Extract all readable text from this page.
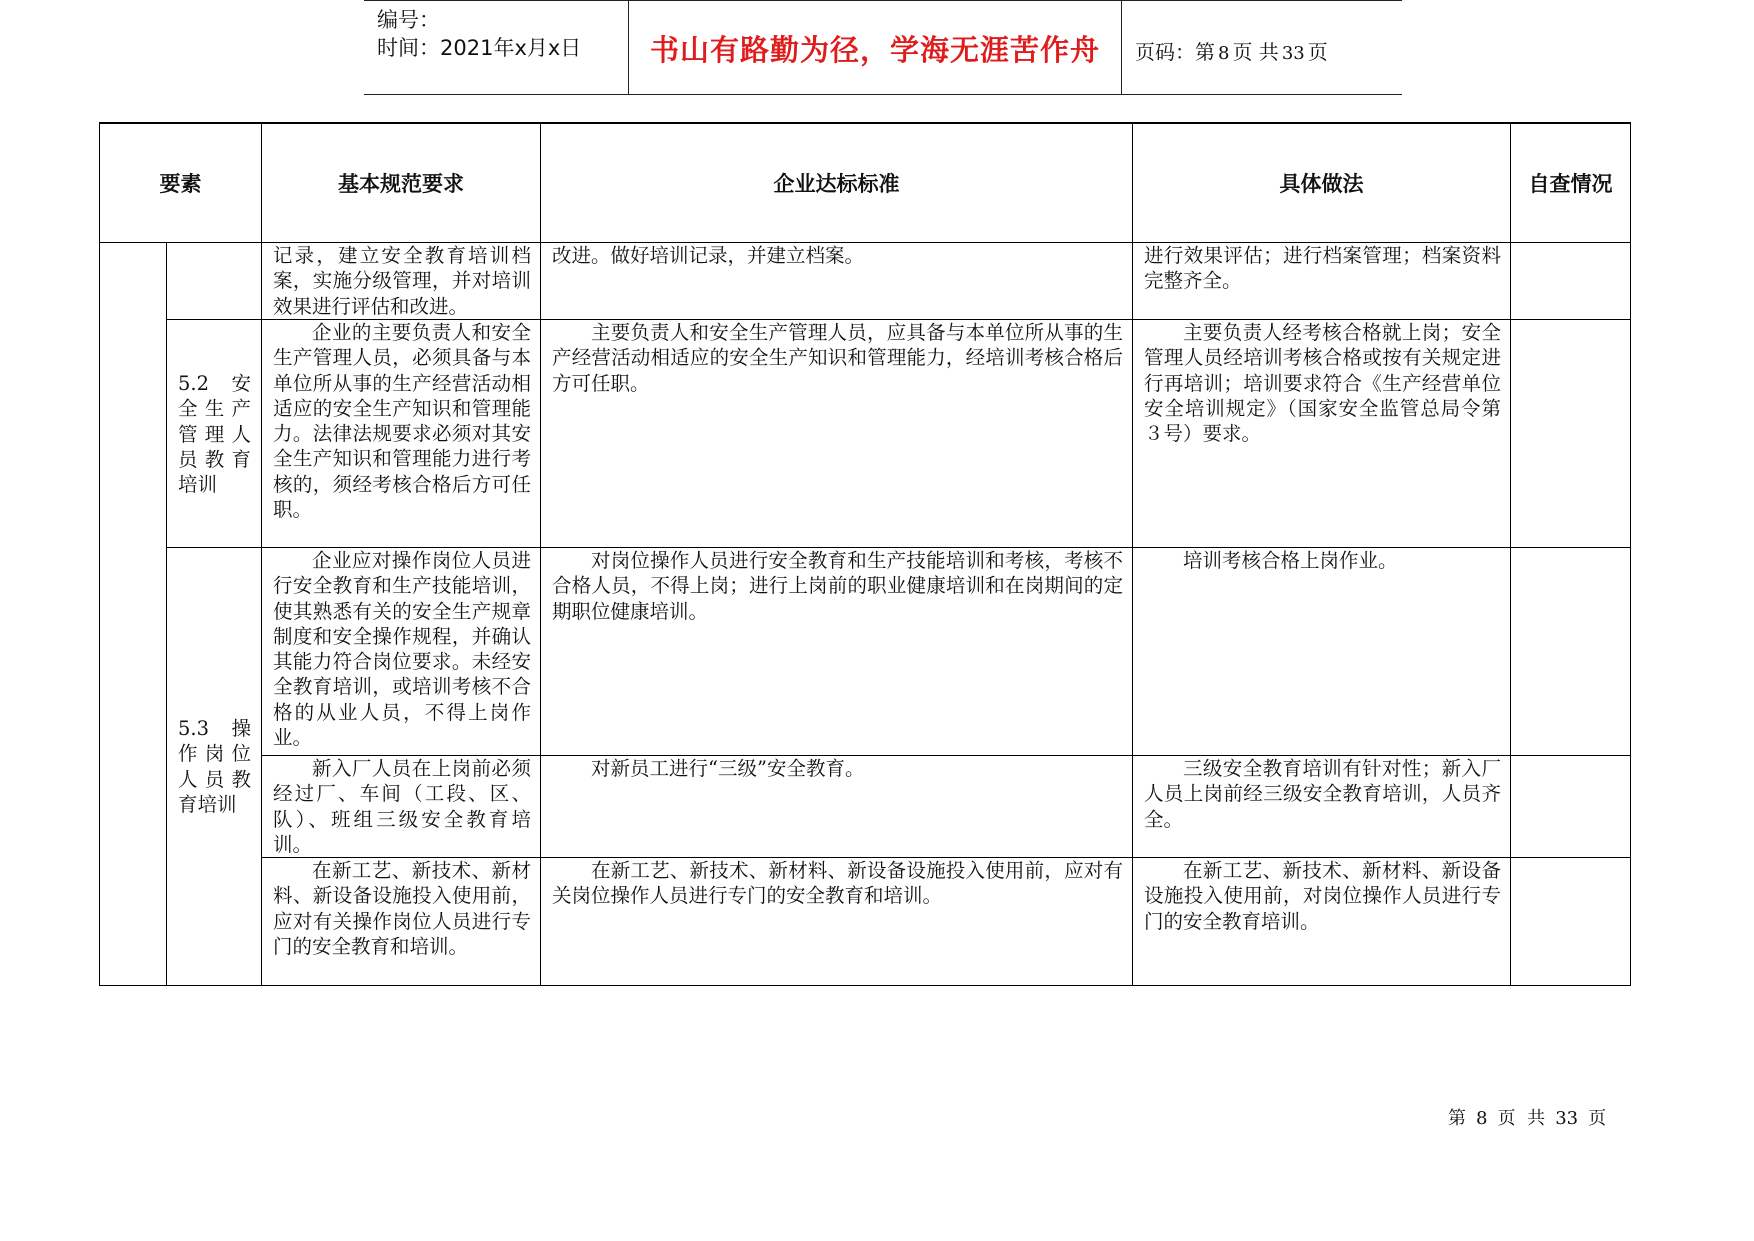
编号：
时间：2021年x月x日	书山有路勤为径，学海无涯苦作舟	页码：第 8 页 共 33 页
要素		基本规范要求	企业达标标准	具体做法	自查情况

		记录，建立安全教育培训档案，实施分级管理，并对培训效果进行评估和改进。	改进。做好培训记录，并建立档案。	进行效果评估；进行档案管理；档案资料完整齐全。	

	5.2 安全生产管理人员教育培训	企业的主要负责人和安全生产管理人员，必须具备与本单位所从事的生产经营活动相适应的安全生产知识和管理能力。法律法规要求必须对其安全生产知识和管理能力进行考核的，须经考核合格后方可任职。	主要负责人和安全生产管理人员，应具备与本单位所从事的生产经营活动相适应的安全生产知识和管理能力，经培训考核合格后方可任职。	主要负责人经考核合格就上岗；安全管理人员经培训考核合格或按有关规定进行再培训；培训要求符合《生产经营单位安全培训规定》（国家安全监管总局令第３号）要求。	

	5.3 操作岗位人员教育培训	企业应对操作岗位人员进行安全教育和生产技能培训，使其熟悉有关的安全生产规章制度和安全操作规程，并确认其能力符合岗位要求。未经安全教育培训，或培训考核不合格的从业人员，不得上岗作业。	对岗位操作人员进行安全教育和生产技能培训和考核，考核不合格人员，不得上岗；进行上岗前的职业健康培训和在岗期间的定期职位健康培训。	培训考核合格上岗作业。	

		新入厂人员在上岗前必须经过厂、车间（工段、区、队）、班组三级安全教育培训。	对新员工进行“三级”安全教育。	三级安全教育培训有针对性；新入厂人员上岗前经三级安全教育培训，人员齐全。	

		在新工艺、新技术、新材料、新设备设施投入使用前，应对有关操作岗位人员进行专门的安全教育和培训。	在新工艺、新技术、新材料、新设备设施投入使用前，应对有关岗位操作人员进行专门的安全教育和培训。	在新工艺、新技术、新材料、新设备设施投入使用前，对岗位操作人员进行专门的安全教育培训。	

第 8 页 共 33 页
